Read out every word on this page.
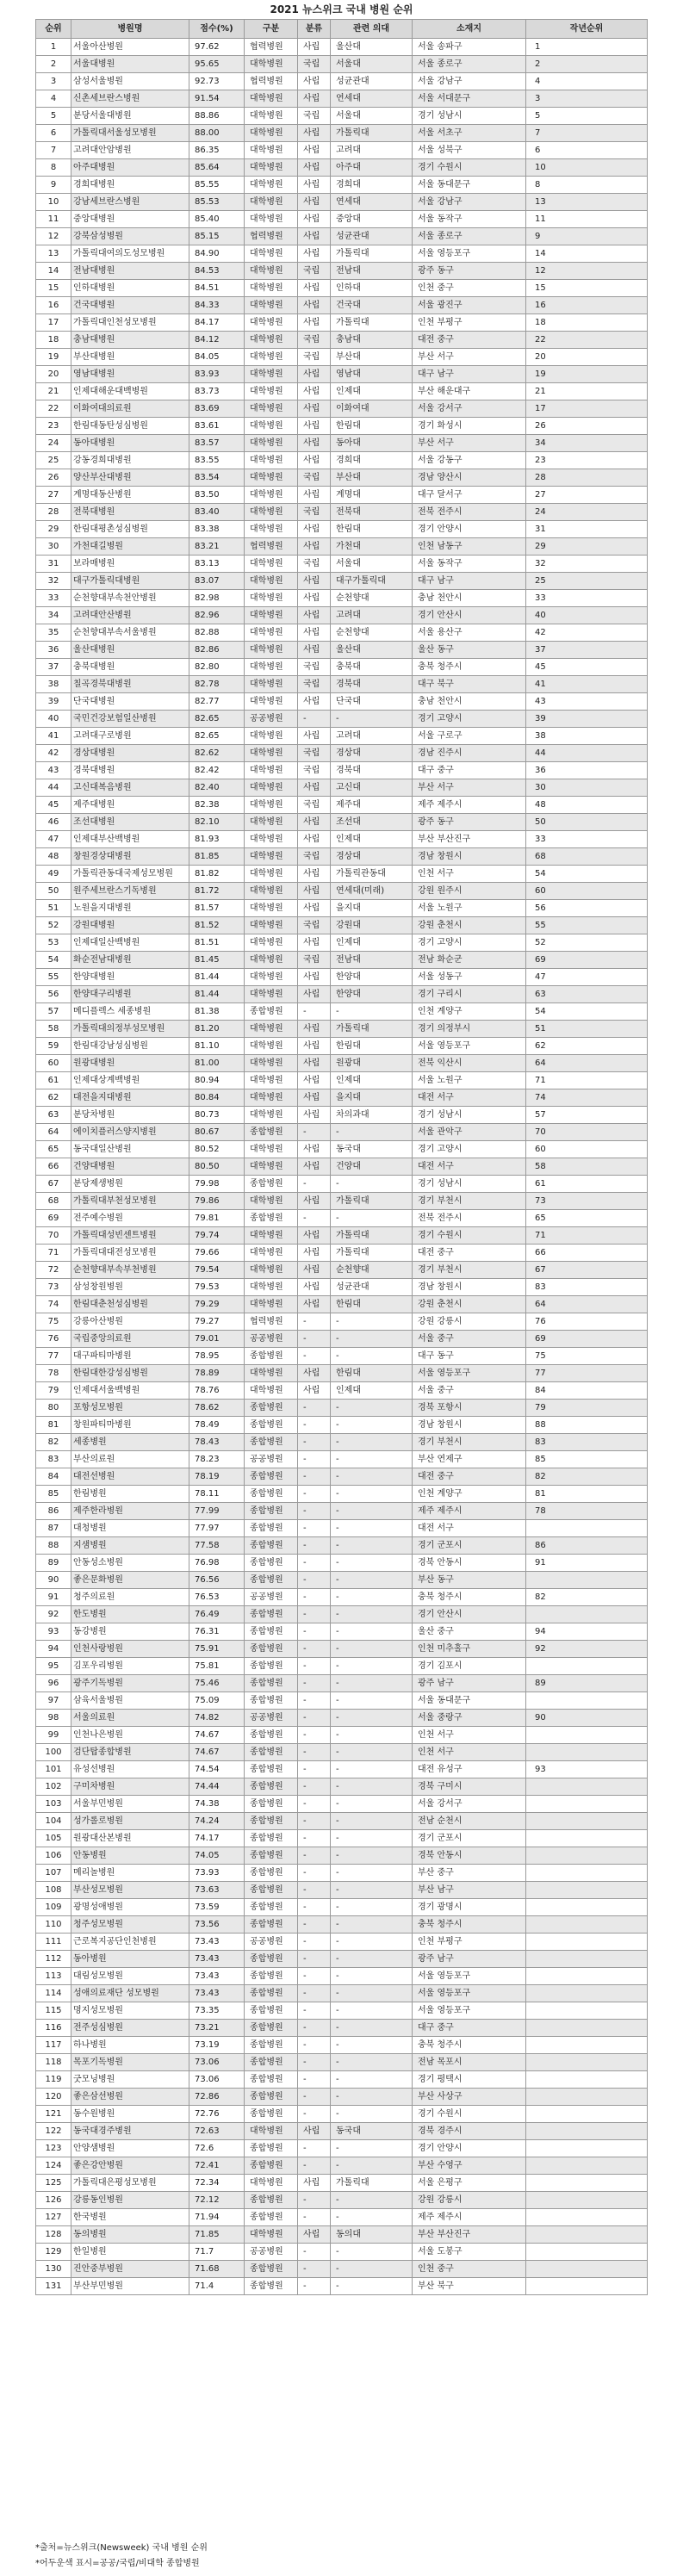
2021 뉴스위크 국내 병원 순위
순위	병원명	점수(%)	구분	분류	관련 의대	소재지	작년순위
1	서울아산병원	97.62	협력병원	사립	울산대	서울 송파구	1
2	서울대병원	95.65	대학병원	국립	서울대	서울 종로구	2
3	삼성서울병원	92.73	협력병원	사립	성균관대	서울 강남구	4
4	신촌세브란스병원	91.54	대학병원	사립	연세대	서울 서대문구	3
5	분당서울대병원	88.86	대학병원	국립	서울대	경기 성남시	5
6	가톨릭대서울성모병원	88.00	대학병원	사립	가톨릭대	서울 서초구	7
7	고려대안암병원	86.35	대학병원	사립	고려대	서울 성북구	6
8	아주대병원	85.64	대학병원	사립	아주대	경기 수원시	10
9	경희대병원	85.55	대학병원	사립	경희대	서울 동대문구	8
10	강남세브란스병원	85.53	대학병원	사립	연세대	서울 강남구	13
11	중앙대병원	85.40	대학병원	사립	중앙대	서울 동작구	11
12	강북삼성병원	85.15	협력병원	사립	성균관대	서울 종로구	9
13	가톨릭대여의도성모병원	84.90	대학병원	사립	가톨릭대	서울 영등포구	14
14	전남대병원	84.53	대학병원	국립	전남대	광주 동구	12
15	인하대병원	84.51	대학병원	사립	인하대	인천 중구	15
16	건국대병원	84.33	대학병원	사립	건국대	서울 광진구	16
17	가톨릭대인천성모병원	84.17	대학병원	사립	가톨릭대	인천 부평구	18
18	충남대병원	84.12	대학병원	국립	충남대	대전 중구	22
19	부산대병원	84.05	대학병원	국립	부산대	부산 서구	20
20	영남대병원	83.93	대학병원	사립	영남대	대구 남구	19
21	인제대해운대백병원	83.73	대학병원	사립	인제대	부산 해운대구	21
22	이화여대의료원	83.69	대학병원	사립	이화여대	서울 강서구	17
23	한림대동탄성심병원	83.61	대학병원	사립	한림대	경기 화성시	26
24	동아대병원	83.57	대학병원	사립	동아대	부산 서구	34
25	강동경희대병원	83.55	대학병원	사립	경희대	서울 강동구	23
26	양산부산대병원	83.54	대학병원	국립	부산대	경남 양산시	28
27	계명대동산병원	83.50	대학병원	사립	계명대	대구 달서구	27
28	전북대병원	83.40	대학병원	국립	전북대	전북 전주시	24
29	한림대평촌성심병원	83.38	대학병원	사립	한림대	경기 안양시	31
30	가천대길병원	83.21	협력병원	사립	가천대	인천 남동구	29
31	보라매병원	83.13	대학병원	국립	서울대	서울 동작구	32
32	대구가톨릭대병원	83.07	대학병원	사립	대구가톨릭대	대구 남구	25
33	순천향대부속천안병원	82.98	대학병원	사립	순천향대	충남 천안시	33
34	고려대안산병원	82.96	대학병원	사립	고려대	경기 안산시	40
35	순천향대부속서울병원	82.88	대학병원	사립	순천향대	서울 용산구	42
36	울산대병원	82.86	대학병원	사립	울산대	울산 동구	37
37	충북대병원	82.80	대학병원	국립	충북대	충북 청주시	45
38	칠곡경북대병원	82.78	대학병원	국립	경북대	대구 북구	41
39	단국대병원	82.77	대학병원	사립	단국대	충남 천안시	43
40	국민건강보험일산병원	82.65	공공병원	-	-	경기 고양시	39
41	고려대구로병원	82.65	대학병원	사립	고려대	서울 구로구	38
42	경상대병원	82.62	대학병원	국립	경상대	경남 진주시	44
43	경북대병원	82.42	대학병원	국립	경북대	대구 중구	36
44	고신대복음병원	82.40	대학병원	사립	고신대	부산 서구	30
45	제주대병원	82.38	대학병원	국립	제주대	제주 제주시	48
46	조선대병원	82.10	대학병원	사립	조선대	광주 동구	50
47	인제대부산백병원	81.93	대학병원	사립	인제대	부산 부산진구	33
48	창원경상대병원	81.85	대학병원	국립	경상대	경남 창원시	68
49	가톨릭관동대국제성모병원	81.82	대학병원	사립	가톨릭관동대	인천 서구	54
50	원주세브란스기독병원	81.72	대학병원	사립	연세대(미래)	강원 원주시	60
51	노원을지대병원	81.57	대학병원	사립	을지대	서울 노원구	56
52	강원대병원	81.52	대학병원	국립	강원대	강원 춘천시	55
53	인제대일산백병원	81.51	대학병원	사립	인제대	경기 고양시	52
54	화순전남대병원	81.45	대학병원	국립	전남대	전남 화순군	69
55	한양대병원	81.44	대학병원	사립	한양대	서울 성동구	47
56	한양대구리병원	81.44	대학병원	사립	한양대	경기 구리시	63
57	메디플렉스 세종병원	81.38	종합병원	-	-	인천 계양구	54
58	가톨릭대의정부성모병원	81.20	대학병원	사립	가톨릭대	경기 의정부시	51
59	한림대강남성심병원	81.10	대학병원	사립	한림대	서울 영등포구	62
60	원광대병원	81.00	대학병원	사립	원광대	전북 익산시	64
61	인제대상계백병원	80.94	대학병원	사립	인제대	서울 노원구	71
62	대전을지대병원	80.84	대학병원	사립	을지대	대전 서구	74
63	분당차병원	80.73	대학병원	사립	차의과대	경기 성남시	57
64	에이치플러스양지병원	80.67	종합병원	-	-	서울 관악구	70
65	동국대일산병원	80.52	대학병원	사립	동국대	경기 고양시	60
66	건양대병원	80.50	대학병원	사립	건양대	대전 서구	58
67	분당제생병원	79.98	종합병원	-	-	경기 성남시	61
68	가톨릭대부천성모병원	79.86	대학병원	사립	가톨릭대	경기 부천시	73
69	전주예수병원	79.81	종합병원	-	-	전북 전주시	65
70	가톨릭대성빈센트병원	79.74	대학병원	사립	가톨릭대	경기 수원시	71
71	가톨릭대대전성모병원	79.66	대학병원	사립	가톨릭대	대전 중구	66
72	순천향대부속부천병원	79.54	대학병원	사립	순천향대	경기 부천시	67
73	삼성창원병원	79.53	대학병원	사립	성균관대	경남 창원시	83
74	한림대춘천성심병원	79.29	대학병원	사립	한림대	강원 춘천시	64
75	강릉아산병원	79.27	협력병원	-	-	강원 강릉시	76
76	국립중앙의료원	79.01	공공병원	-	-	서울 중구	69
77	대구파티마병원	78.95	종합병원	-	-	대구 동구	75
78	한림대한강성심병원	78.89	대학병원	사립	한림대	서울 영등포구	77
79	인제대서울백병원	78.76	대학병원	사립	인제대	서울 중구	84
80	포항성모병원	78.62	종합병원	-	-	경북 포항시	79
81	창원파티마병원	78.49	종합병원	-	-	경남 창원시	88
82	세종병원	78.43	종합병원	-	-	경기 부천시	83
83	부산의료원	78.23	공공병원	-	-	부산 연제구	85
84	대전선병원	78.19	종합병원	-	-	대전 중구	82
85	한림병원	78.11	종합병원	-	-	인천 계양구	81
86	제주한라병원	77.99	종합병원	-	-	제주 제주시	78
87	대청병원	77.97	종합병원	-	-	대전 서구	
88	지샘병원	77.58	종합병원	-	-	경기 군포시	86
89	안동성소병원	76.98	종합병원	-	-	경북 안동시	91
90	좋은문화병원	76.56	종합병원	-	-	부산 동구	
91	청주의료원	76.53	공공병원	-	-	충북 청주시	82
92	한도병원	76.49	종합병원	-	-	경기 안산시	
93	동강병원	76.31	종합병원	-	-	울산 중구	94
94	인천사랑병원	75.91	종합병원	-	-	인천 미추홀구	92
95	김포우리병원	75.81	종합병원	-	-	경기 김포시	
96	광주기독병원	75.46	종합병원	-	-	광주 남구	89
97	삼육서울병원	75.09	종합병원	-	-	서울 동대문구	
98	서울의료원	74.82	공공병원	-	-	서울 중랑구	90
99	인천나은병원	74.67	종합병원	-	-	인천 서구	
100	검단탑종합병원	74.67	종합병원	-	-	인천 서구	
101	유성선병원	74.54	종합병원	-	-	대전 유성구	93
102	구미차병원	74.44	종합병원	-	-	경북 구미시	
103	서울부민병원	74.38	종합병원	-	-	서울 강서구	
104	성가롤로병원	74.24	종합병원	-	-	전남 순천시	
105	원광대산본병원	74.17	종합병원	-	-	경기 군포시	
106	안동병원	74.05	종합병원	-	-	경북 안동시	
107	메리놀병원	73.93	종합병원	-	-	부산 중구	
108	부산성모병원	73.63	종합병원	-	-	부산 남구	
109	광명성애병원	73.59	종합병원	-	-	경기 광명시	
110	청주성모병원	73.56	종합병원	-	-	충북 청주시	
111	근로복지공단인천병원	73.43	공공병원	-	-	인천 부평구	
112	동아병원	73.43	종합병원	-	-	광주 남구	
113	대림성모병원	73.43	종합병원	-	-	서울 영등포구	
114	성애의료재단 성모병원	73.43	종합병원	-	-	서울 영등포구	
115	명지성모병원	73.35	종합병원	-	-	서울 영등포구	
116	전주성심병원	73.21	종합병원	-	-	대구 중구	
117	하나병원	73.19	종합병원	-	-	충북 청주시	
118	목포기독병원	73.06	종합병원	-	-	전남 목포시	
119	굿모닝병원	73.06	종합병원	-	-	경기 평택시	
120	좋은삼선병원	72.86	종합병원	-	-	부산 사상구	
121	동수원병원	72.76	종합병원	-	-	경기 수원시	
122	동국대경주병원	72.63	대학병원	사립	동국대	경북 경주시	
123	안양샘병원	72.6	종합병원	-	-	경기 안양시	
124	좋은강안병원	72.41	종합병원	-	-	부산 수영구	
125	가톨릭대은평성모병원	72.34	대학병원	사립	가톨릭대	서울 은평구	
126	강릉동인병원	72.12	종합병원	-	-	강원 강릉시	
127	한국병원	71.94	종합병원	-	-	제주 제주시	
128	동의병원	71.85	대학병원	사립	동의대	부산 부산진구	
129	한일병원	71.7	공공병원	-	-	서울 도봉구	
130	진안중부병원	71.68	종합병원	-	-	인천 중구	
131	부산부민병원	71.4	종합병원	-	-	부산 북구	
*출처=뉴스위크(Newsweek) 국내 병원 순위
*어두운색 표시=공공/국립/비대학 종합병원
